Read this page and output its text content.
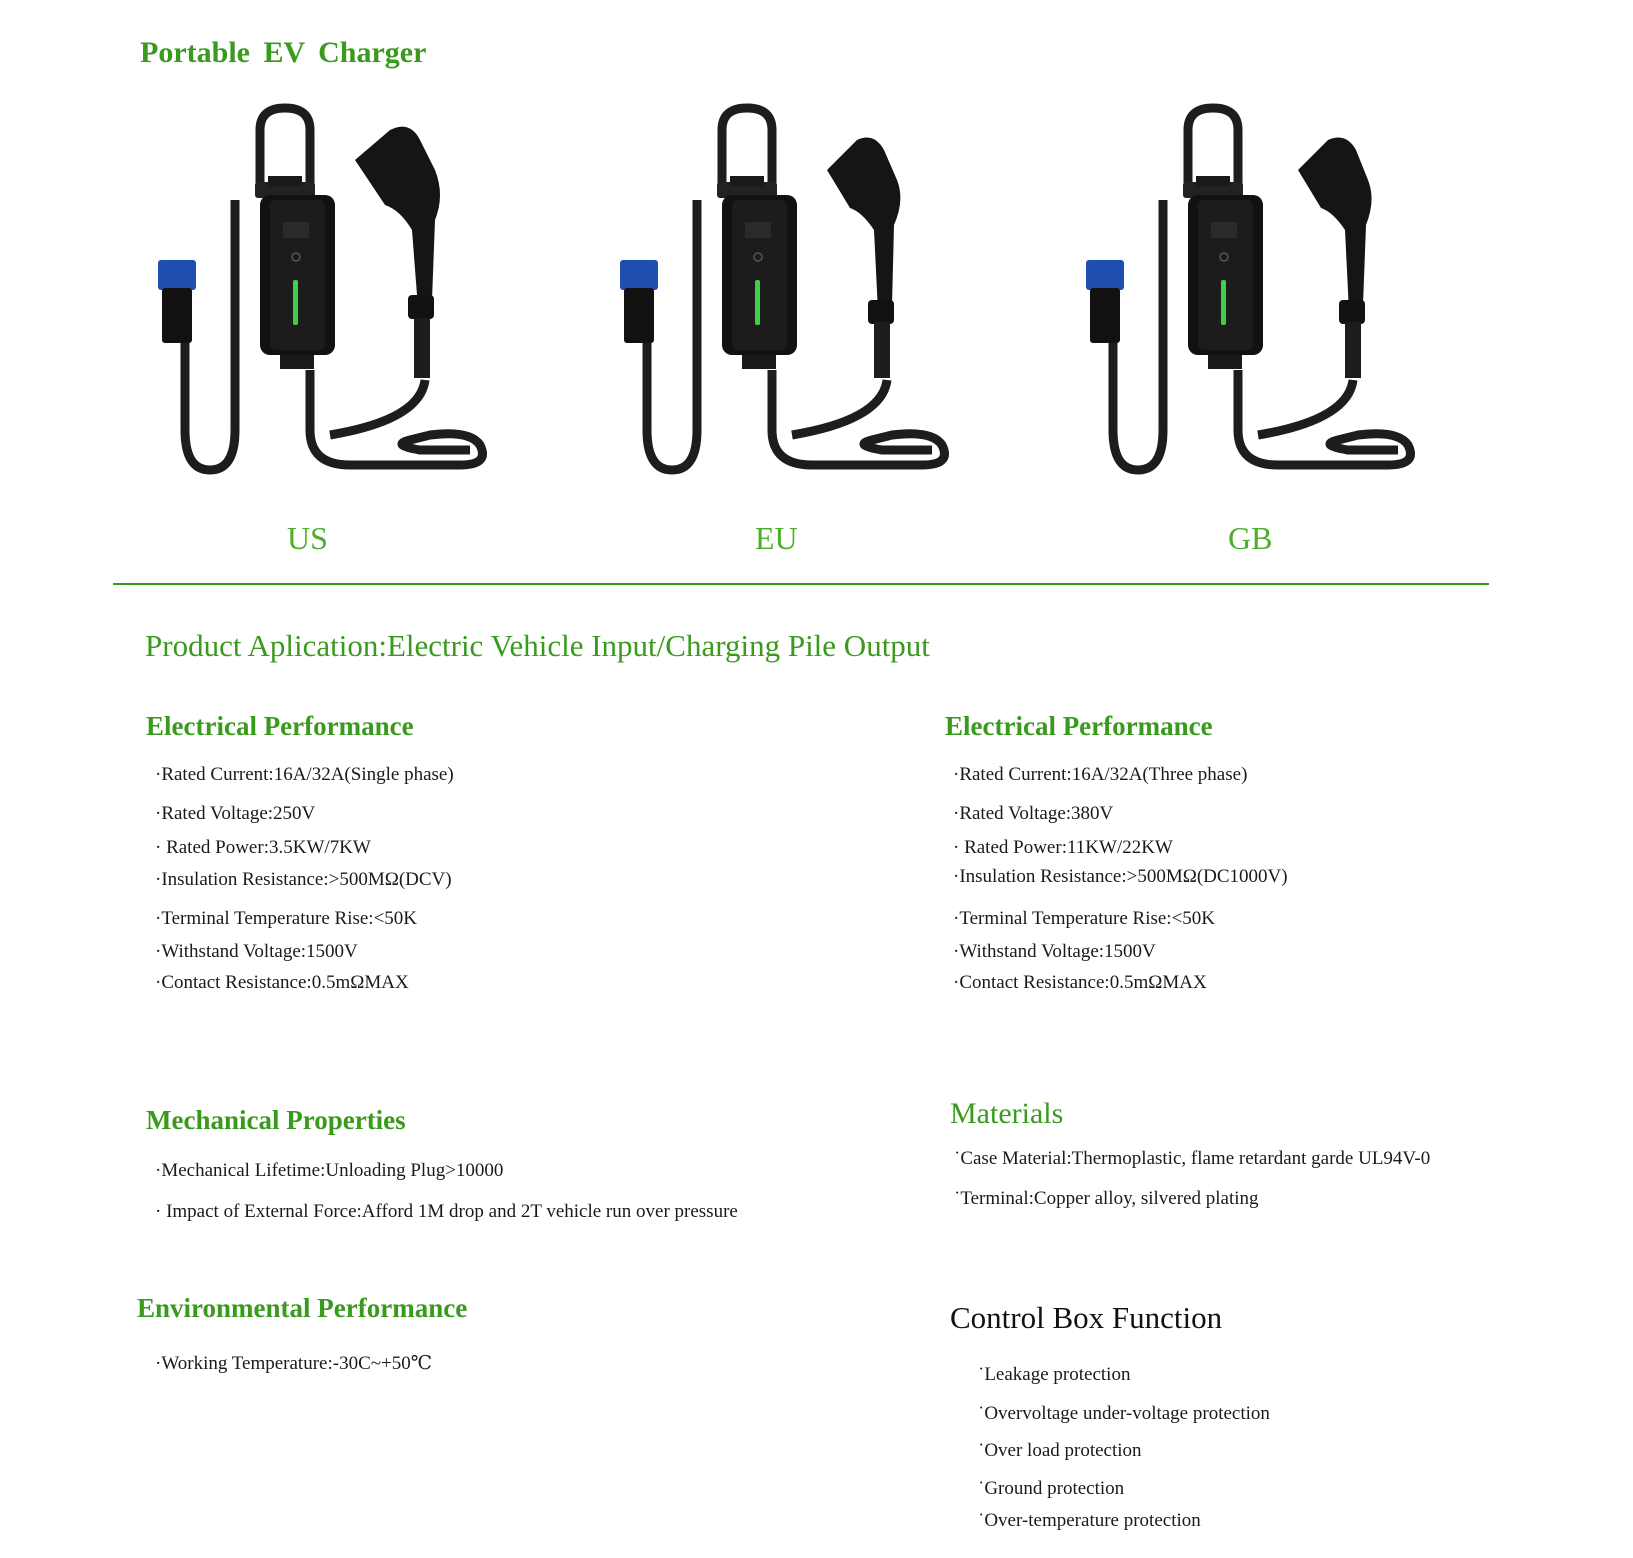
Portable EV Charger
US	EU	GB
Product Aplication:Electric Vehicle Input/Charging Pile Output
Electrical Performance
·Rated Current:16A/32A(Single phase)
·Rated Voltage:250V
· Rated Power:3.5KW/7KW
·Insulation Resistance:>500MΩ(DCV)
·Terminal Temperature Rise:<50K
·Withstand Voltage:1500V
·Contact Resistance:0.5mΩMAX
Electrical Performance
·Rated Current:16A/32A(Three phase)
·Rated Voltage:380V
· Rated Power:11KW/22KW
·Insulation Resistance:>500MΩ(DC1000V)
·Terminal Temperature Rise:<50K
·Withstand Voltage:1500V
·Contact Resistance:0.5mΩMAX
Mechanical Properties
·Mechanical Lifetime:Unloading Plug>10000
· Impact of External Force:Afford 1M drop and 2T vehicle run over pressure
Materials
˙Case Material:Thermoplastic, flame retardant garde UL94V-0
˙Terminal:Copper alloy, silvered plating
Environmental Performance
·Working Temperature:-30C~+50℃
Control Box Function
˙Leakage protection
˙Overvoltage under-voltage protection
˙Over load protection
˙Ground protection
˙Over-temperature protection
